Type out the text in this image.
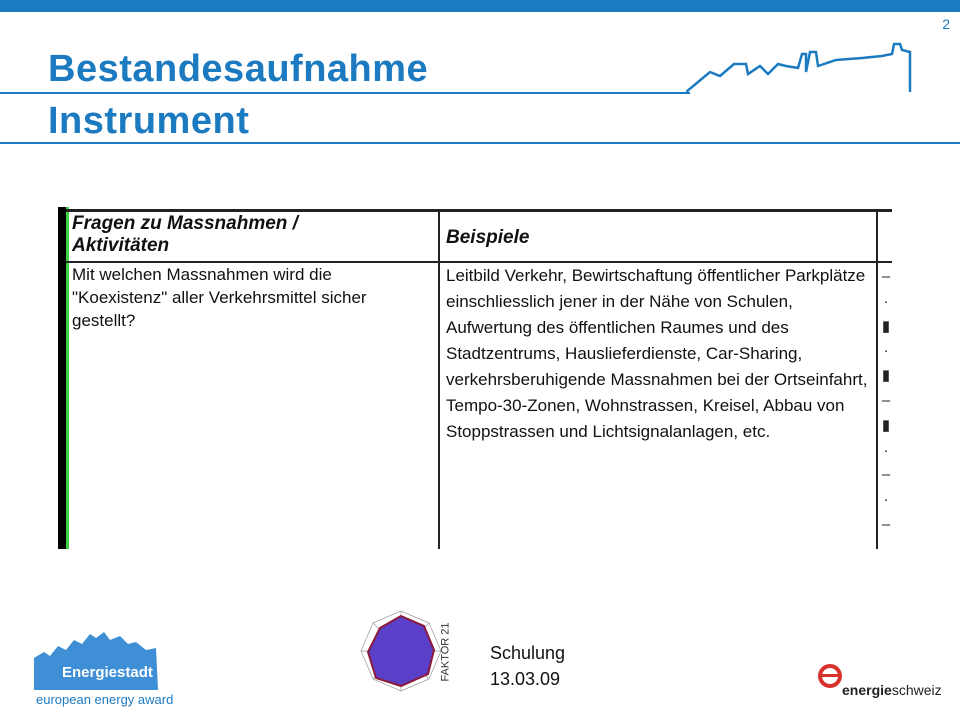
2

Bestandesaufnahme
Instrument
Fragen zu Massnahmen / Aktivitäten	Beispiele
Mit welchen Massnahmen wird die "Koexistenz" aller Verkehrsmittel sicher gestellt?
Leitbild Verkehr, Bewirtschaftung öffentlicher Parkplätze einschliesslich jener in der Nähe von Schulen, Aufwertung des öffentlichen Raumes und des Stadtzentrums, Hauslieferdienste, Car-Sharing, verkehrsberuhigende Massnahmen bei der Ortseinfahrt, Tempo-30-Zonen, Wohnstrassen, Kreisel, Abbau von Stoppstrassen und Lichtsignalanlagen, etc.
–
·
▮
·
▮
–
▮
·
–
·
–
Energiestadt
european energy award
FAKTOR 21 Schulung
13.03.09
energieschweiz
